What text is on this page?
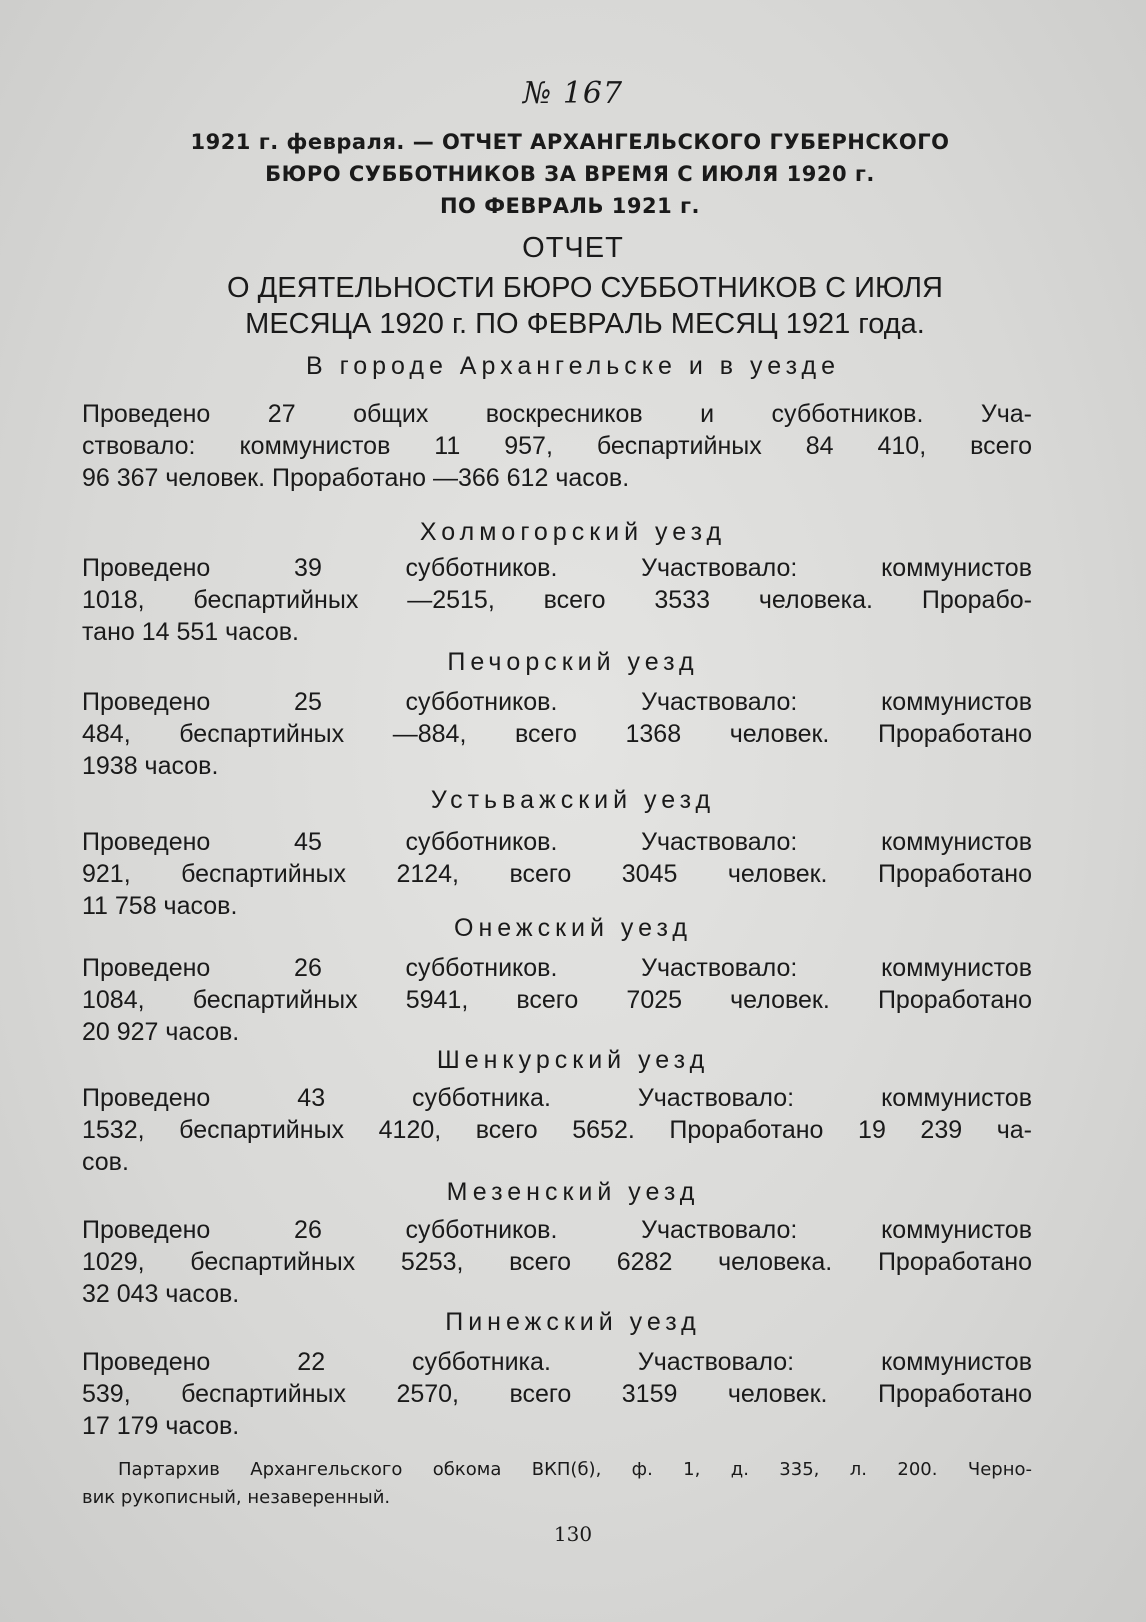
№ 167
1921 г. февраля. — ОТЧЕТ АРХАНГЕЛЬСКОГО ГУБЕРНСКОГО
БЮРО СУББОТНИКОВ ЗА ВРЕМЯ С ИЮЛЯ 1920 г.
ПО ФЕВРАЛЬ 1921 г.
ОТЧЕТ
О ДЕЯТЕЛЬНОСТИ БЮРО СУББОТНИКОВ С ИЮЛЯ
МЕСЯЦА 1920 г. ПО ФЕВРАЛЬ МЕСЯЦ 1921 года.
В городе Архангельске и в уезде
Проведено 27 общих воскресников и субботников. Уча-
ствовало: коммунистов 11 957, беспартийных 84 410, всего
96 367 человек. Проработано —366 612 часов.
Холмогорский уезд
Проведено 39 субботников. Участвовало: коммунистов
1018, беспартийных —2515, всего 3533 человека. Прорабо-
тано 14 551 часов.
Печорский уезд
Проведено 25 субботников. Участвовало: коммунистов
484, беспартийных —884, всего 1368 человек. Проработано
1938 часов.
Устьважский уезд
Проведено 45 субботников. Участвовало: коммунистов
921, беспартийных 2124, всего 3045 человек. Проработано
11 758 часов.
Онежский уезд
Проведено 26 субботников. Участвовало: коммунистов
1084, беспартийных 5941, всего 7025 человек. Проработано
20 927 часов.
Шенкурский уезд
Проведено 43 субботника. Участвовало: коммунистов
1532, беспартийных 4120, всего 5652. Проработано 19 239 ча-
сов.
Мезенский уезд
Проведено 26 субботников. Участвовало: коммунистов
1029, беспартийных 5253, всего 6282 человека. Проработано
32 043 часов.
Пинежский уезд
Проведено 22 субботника. Участвовало: коммунистов
539, беспартийных 2570, всего 3159 человек. Проработано
17 179 часов.
Партархив Архангельского обкома ВКП(б), ф. 1, д. 335, л. 200. Черно-
вик рукописный, незаверенный.
130
